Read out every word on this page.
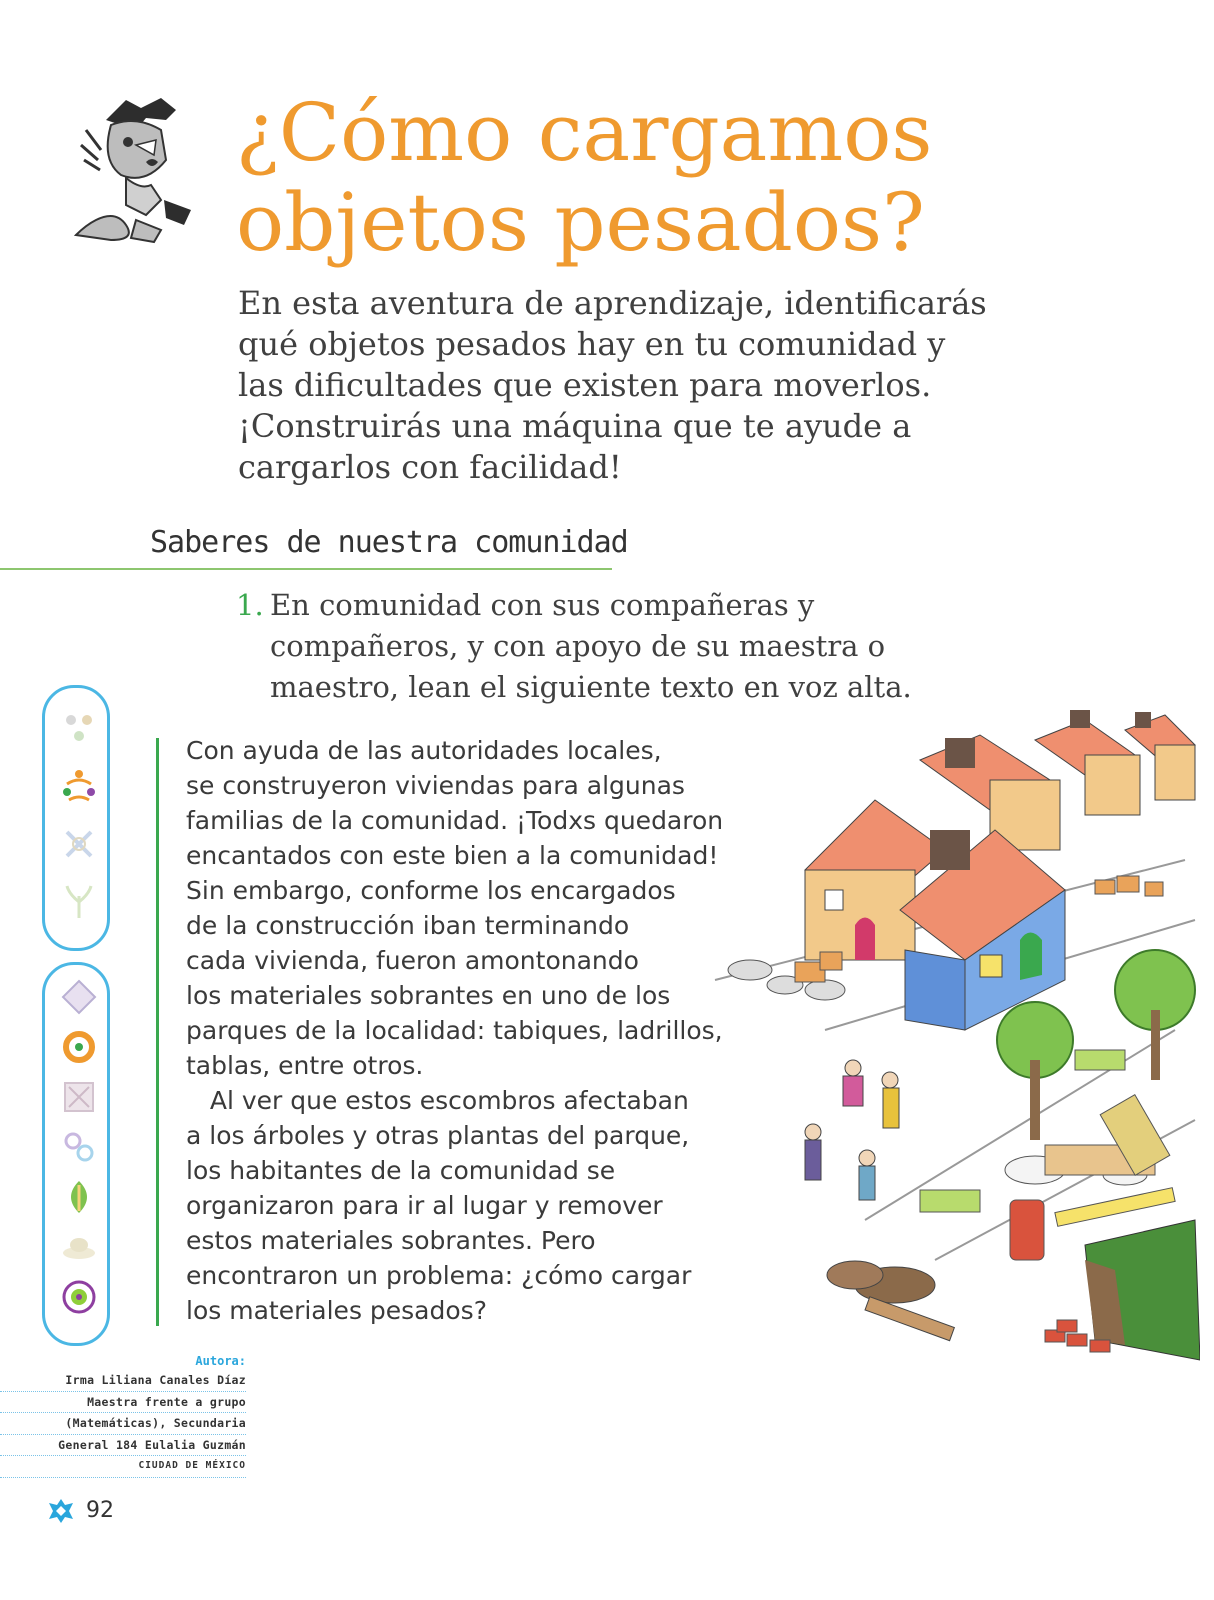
¿Cómo cargamos
objetos pesados?
En esta aventura de aprendizaje, identificarás
qué objetos pesados hay en tu comunidad y
las dificultades que existen para moverlos.
¡Construirás una máquina que te ayude a
cargarlos con facilidad!
Saberes de nuestra comunidad
1. En comunidad con sus compañeras y
compañeros, y con apoyo de su maestra o
maestro, lean el siguiente texto en voz alta.
Con ayuda de las autoridades locales,
se construyeron viviendas para algunas
familias de la comunidad. ¡Todxs quedaron
encantados con este bien a la comunidad!
Sin embargo, conforme los encargados
de la construcción iban terminando
cada vivienda, fueron amontonando
los materiales sobrantes en uno de los
parques de la localidad: tabiques, ladrillos,
tablas, entre otros.
Al ver que estos escombros afectaban
a los árboles y otras plantas del parque,
los habitantes de la comunidad se
organizaron para ir al lugar y remover
estos materiales sobrantes. Pero
encontraron un problema: ¿cómo cargar
los materiales pesados?
Autora:
Irma Liliana Canales Díaz
Maestra frente a grupo
(Matemáticas), Secundaria
General 184 Eulalia Guzmán
CIUDAD DE MÉXICO
92
